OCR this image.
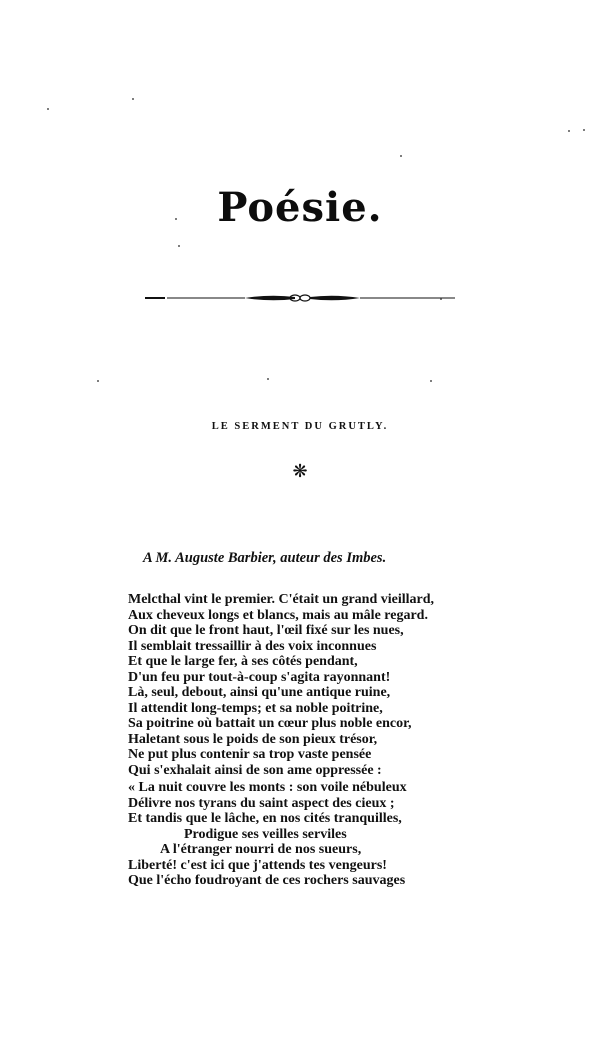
Poésie.
LE SERMENT DU GRUTLY.
❋
A M. Auguste Barbier, auteur des Imbes.
Melcthal vint le premier. C'était un grand vieillard,
Aux cheveux longs et blancs, mais au mâle regard.
On dit que le front haut, l'œil fixé sur les nues,
Il semblait tressaillir à des voix inconnues
Et que le large fer, à ses côtés pendant,
D'un feu pur tout-à-coup s'agita rayonnant!
Là, seul, debout, ainsi qu'une antique ruine,
Il attendit long-temps; et sa noble poitrine,
Sa poitrine où battait un cœur plus noble encor,
Haletant sous le poids de son pieux trésor,
Ne put plus contenir sa trop vaste pensée
Qui s'exhalait ainsi de son ame oppressée :
« La nuit couvre les monts : son voile nébuleux
Délivre nos tyrans du saint aspect des cieux ;
Et tandis que le lâche, en nos cités tranquilles,
Prodigue ses veilles serviles
A l'étranger nourri de nos sueurs,
Liberté! c'est ici que j'attends tes vengeurs!
Que l'écho foudroyant de ces rochers sauvages
